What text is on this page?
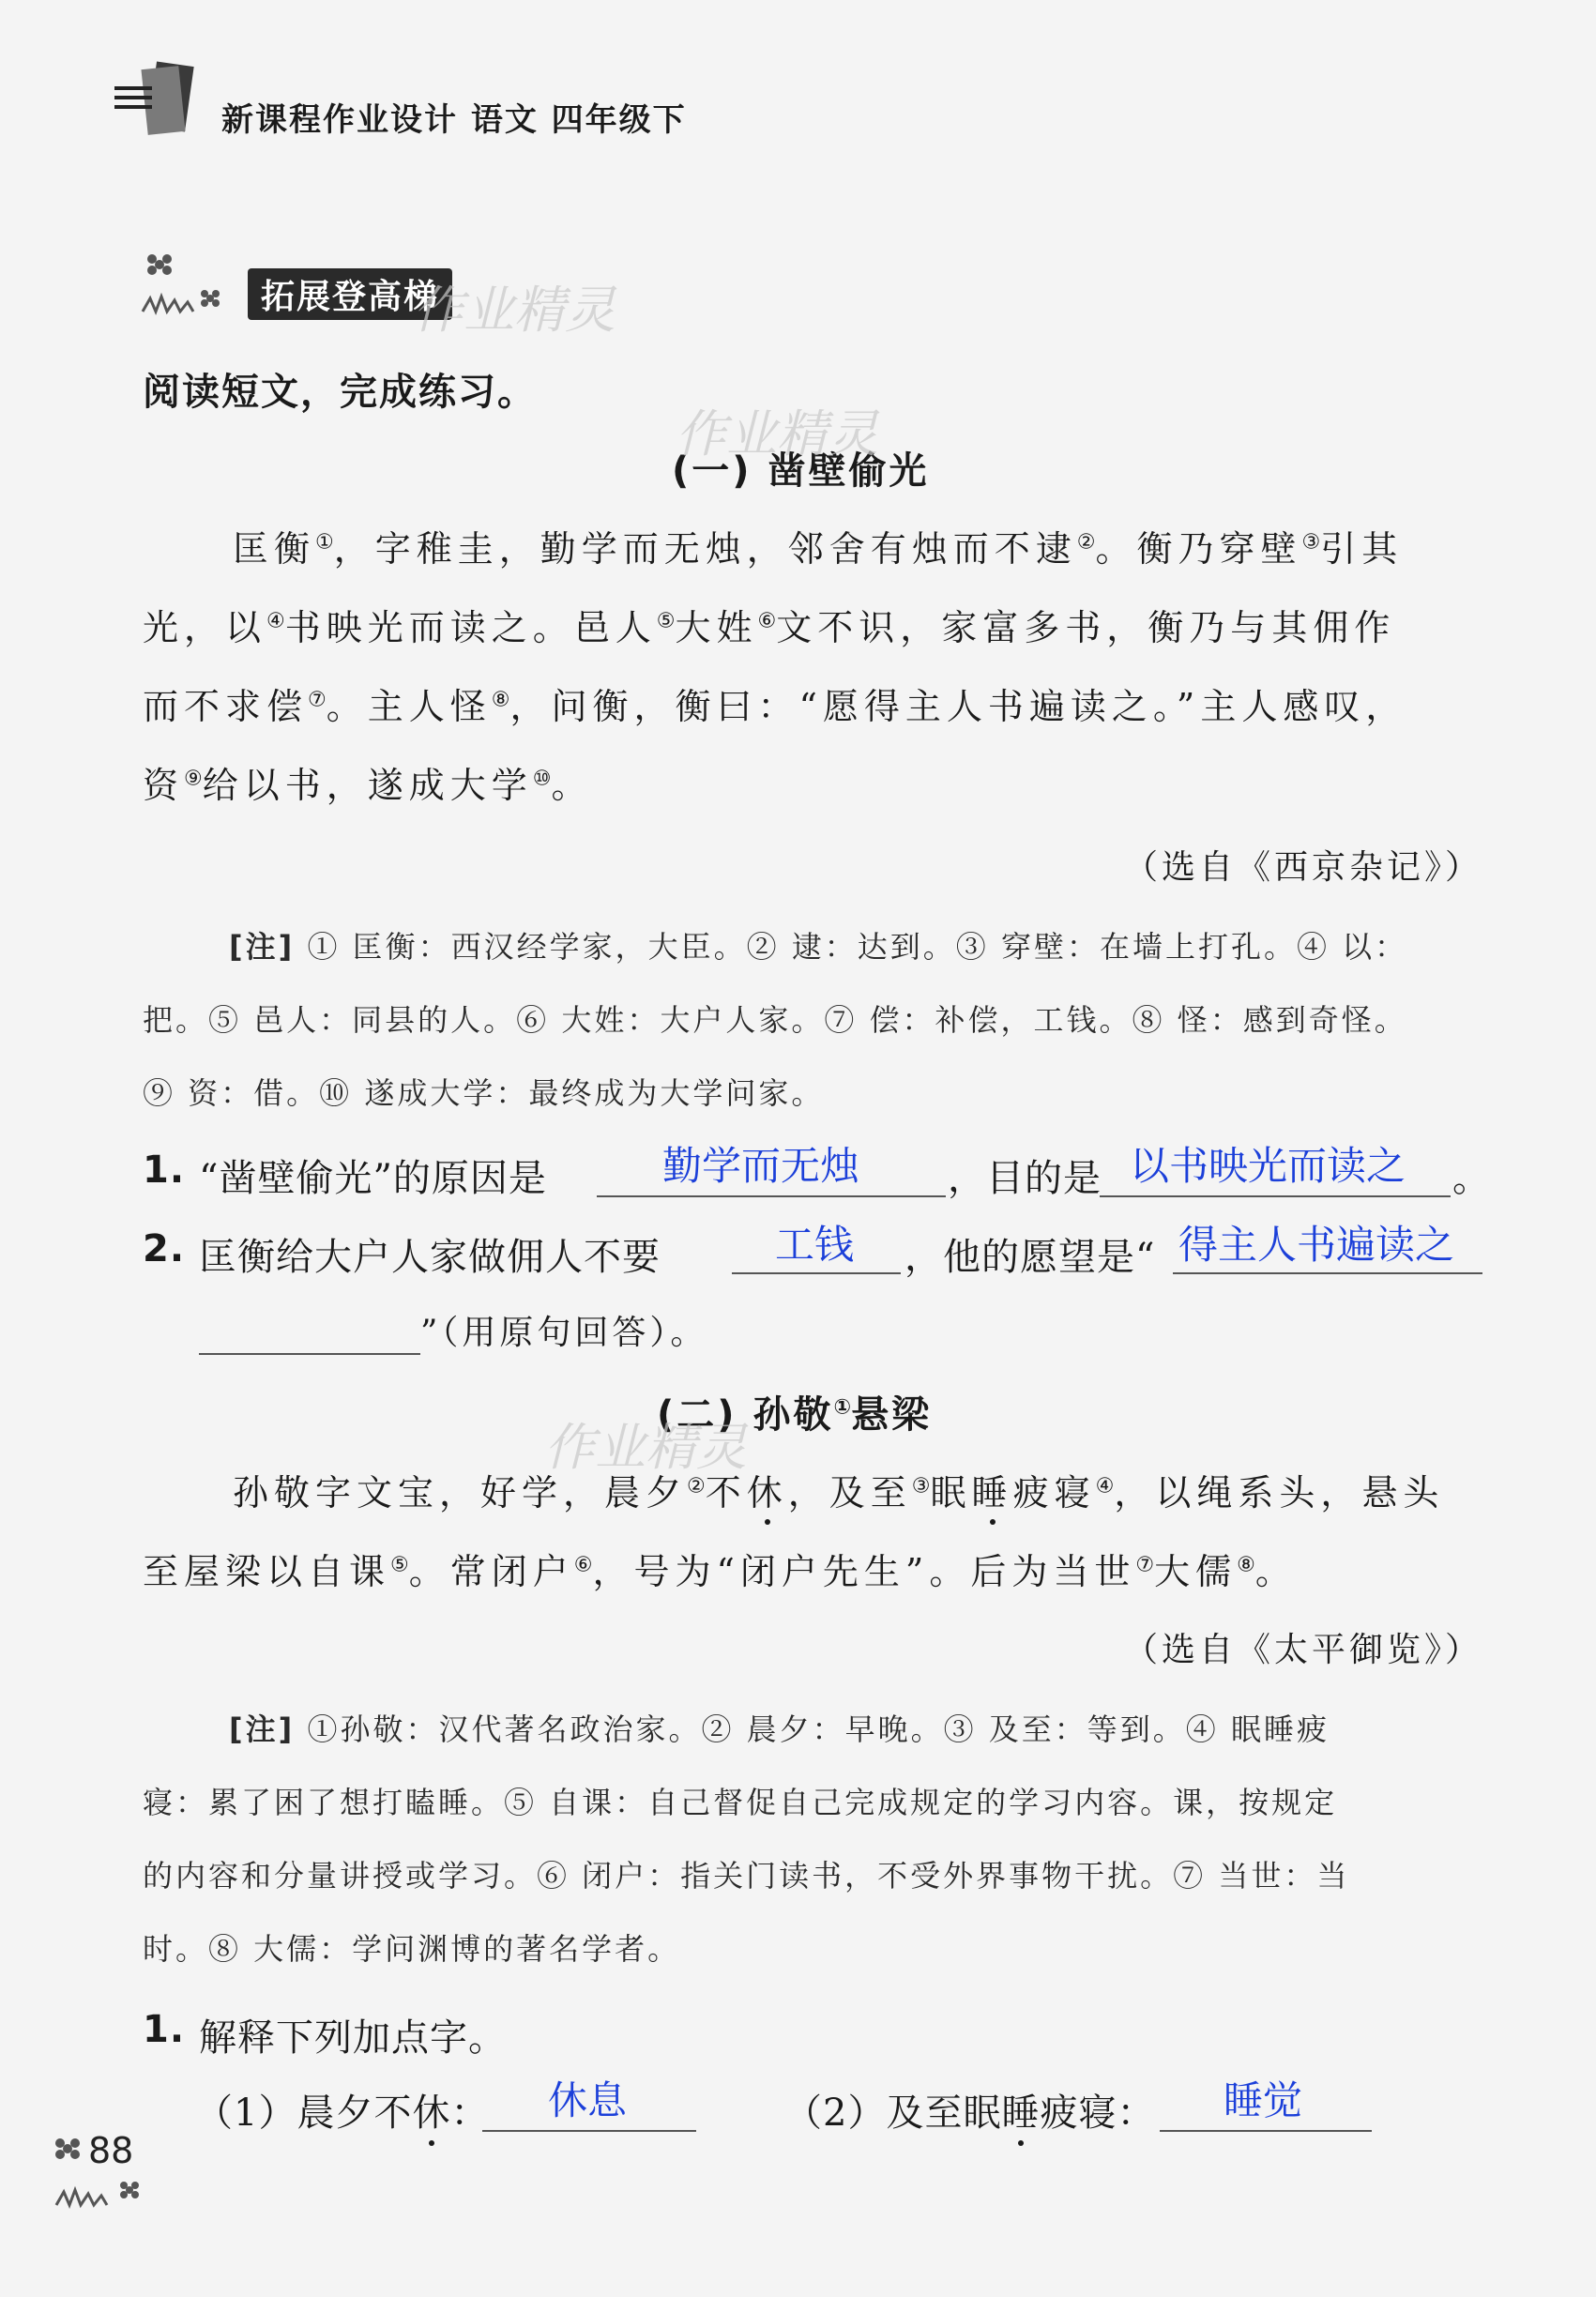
新课程作业设计 语文 四年级下
拓展登高梯
作业精灵
阅读短文，完成练习。
(一) 凿壁偷光
作业精灵
匡衡①，字稚圭，勤学而无烛，邻舍有烛而不逮②。衡乃穿壁③引其
光，以④书映光而读之。邑人⑤大姓⑥文不识，家富多书，衡乃与其佣作
而不求偿⑦。主人怪⑧，问衡，衡曰：“愿得主人书遍读之。”主人感叹，
资⑨给以书，遂成大学⑩。
（选自《西京杂记》）
[注] ① 匡衡：西汉经学家，大臣。② 逮：达到。③ 穿壁：在墙上打孔。④ 以：
把。⑤ 邑人：同县的人。⑥ 大姓：大户人家。⑦ 偿：补偿，工钱。⑧ 怪：感到奇怪。
⑨ 资：借。⑩ 遂成大学：最终成为大学问家。
1. “凿壁偷光”的原因是	勤学而无烛 ，目的是 以书映光而读之 。
2. 匡衡给大户人家做佣人不要	工钱 ，他的愿望是“ 得主人书遍读之
”（用原句回答）。
(二) 孙敬①悬梁
作业精灵
孙敬字文宝，好学，晨夕②不休，及至③眠睡疲寝④，以绳系头，悬头
至屋梁以自课⑤。常闭户⑥，号为“闭户先生”。后为当世⑦大儒⑧。
（选自《太平御览》）
[注] ①孙敬：汉代著名政治家。② 晨夕：早晚。③ 及至：等到。④ 眠睡疲
寝：累了困了想打瞌睡。⑤ 自课：自己督促自己完成规定的学习内容。课，按规定
的内容和分量讲授或学习。⑥ 闭户：指关门读书，不受外界事物干扰。⑦ 当世：当
时。⑧ 大儒：学问渊博的著名学者。
1. 解释下列加点字。
（1）晨夕不休： 休息	（2）及至眠睡疲寝： 睡觉
88
